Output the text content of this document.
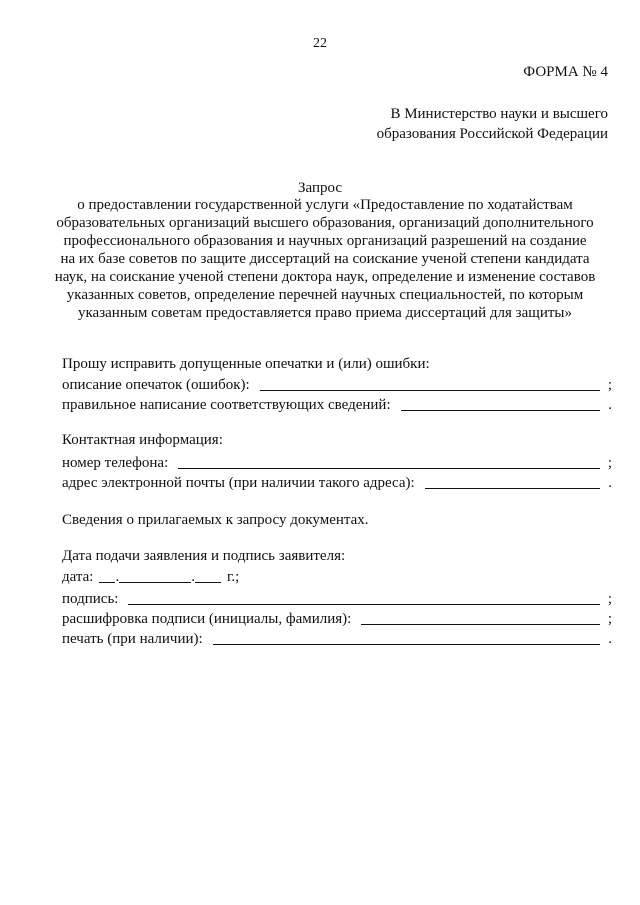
22
ФОРМА № 4
В Министерство науки и высшего
образования Российской Федерации
Запрос
о предоставлении государственной услуги «Предоставление по ходатайствам
образовательных организаций высшего образования, организаций дополнительного
профессионального образования и научных организаций разрешений на создание
на их базе советов по защите диссертаций на соискание ученой степени кандидата
наук, на соискание ученой степени доктора наук, определение и изменение составов
указанных советов, определение перечней научных специальностей, по которым
указанным советам предоставляется право приема диссертаций для защиты»
Прошу исправить допущенные опечатки и (или) ошибки:
описание опечаток (ошибок):	;
правильное написание соответствующих сведений:	.
Контактная информация:
номер телефона:	;
адрес электронной почты (при наличии такого адреса):	.
Сведения о прилагаемых к запросу документах.
Дата подачи заявления и подпись заявителя:
дата: .	. г.;
подпись:	;
расшифровка подписи (инициалы, фамилия):	;
печать (при наличии):	.
